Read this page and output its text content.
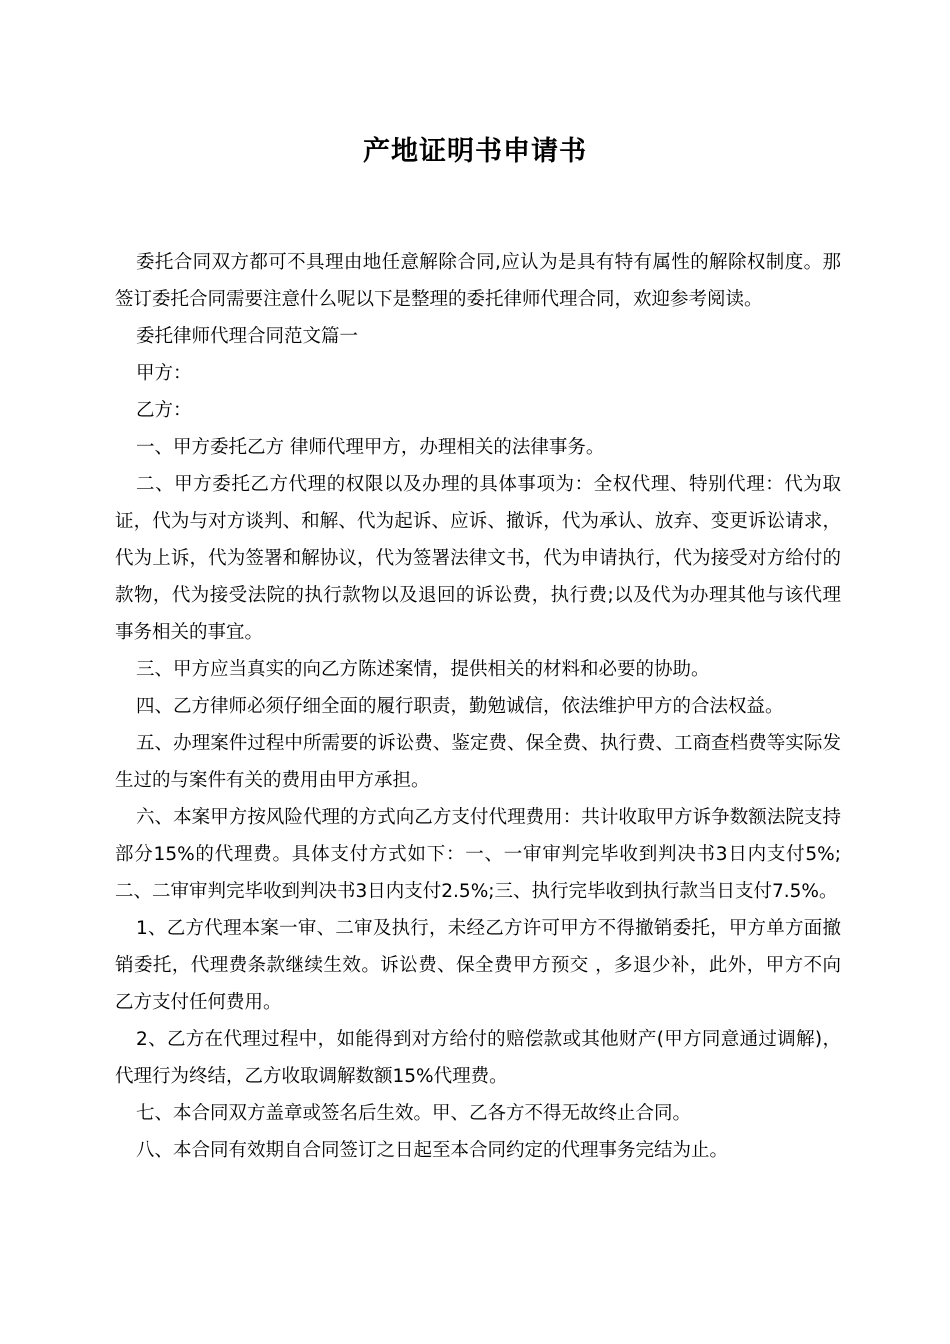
产地证明书申请书

委托合同双方都可不具理由地任意解除合同,应认为是具有特有属性的解除权制度。那签订委托合同需要注意什么呢以下是整理的委托律师代理合同，欢迎参考阅读。

委托律师代理合同范文篇一

甲方：

乙方：

一、甲方委托乙方 律师代理甲方，办理相关的法律事务。

二、甲方委托乙方代理的权限以及办理的具体事项为：全权代理、特别代理：代为取证，代为与对方谈判、和解、代为起诉、应诉、撤诉，代为承认、放弃、变更诉讼请求，代为上诉，代为签署和解协议，代为签署法律文书，代为申请执行，代为接受对方给付的款物，代为接受法院的执行款物以及退回的诉讼费，执行费;以及代为办理其他与该代理事务相关的事宜。

三、甲方应当真实的向乙方陈述案情，提供相关的材料和必要的协助。

四、乙方律师必须仔细全面的履行职责，勤勉诚信，依法维护甲方的合法权益。

五、办理案件过程中所需要的诉讼费、鉴定费、保全费、执行费、工商查档费等实际发生过的与案件有关的费用由甲方承担。

六、本案甲方按风险代理的方式向乙方支付代理费用：共计收取甲方诉争数额法院支持部分15%的代理费。具体支付方式如下：一、一审审判完毕收到判决书3日内支付5%;二、二审审判完毕收到判决书3日内支付2.5%;三、执行完毕收到执行款当日支付7.5%。

1、乙方代理本案一审、二审及执行，未经乙方许可甲方不得撤销委托，甲方单方面撤销委托，代理费条款继续生效。诉讼费、保全费甲方预交 ，多退少补，此外，甲方不向乙方支付任何费用。

2、乙方在代理过程中，如能得到对方给付的赔偿款或其他财产(甲方同意通过调解)，代理行为终结，乙方收取调解数额15%代理费。

七、本合同双方盖章或签名后生效。甲、乙各方不得无故终止合同。

八、本合同有效期自合同签订之日起至本合同约定的代理事务完结为止。
